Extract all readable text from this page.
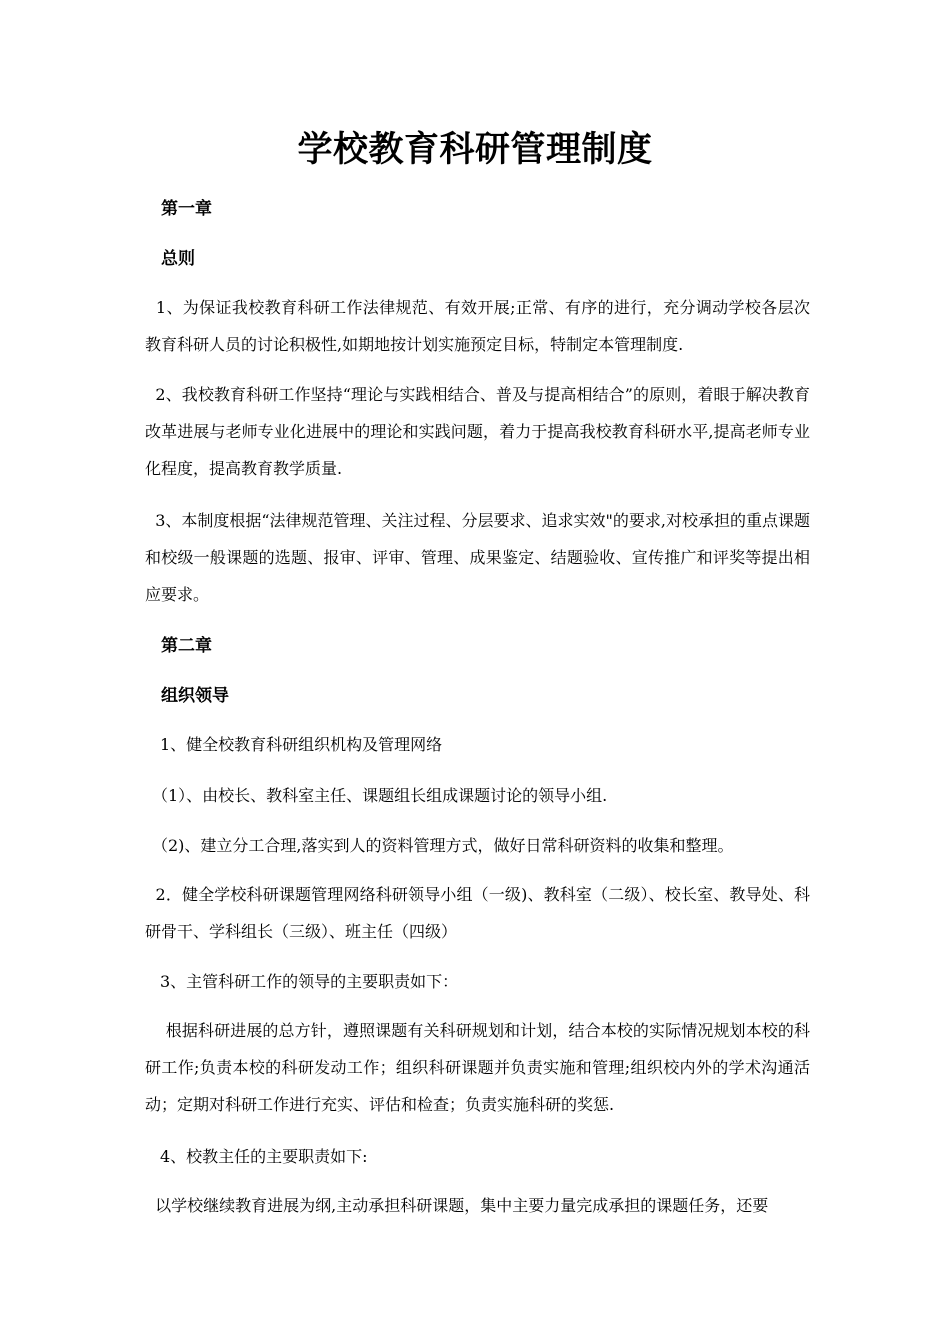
学校教育科研管理制度
第一章
总则

1、为保证我校教育科研工作法律规范、有效开展;正常、有序的进行，充分调动学校各层次教育科研人员的讨论积极性,如期地按计划实施预定目标，特制定本管理制度.

2、我校教育科研工作坚持“理论与实践相结合、普及与提高相结合”的原则，着眼于解决教育改革进展与老师专业化进展中的理论和实践问题，着力于提高我校教育科研水平,提高老师专业化程度，提高教育教学质量.

3、本制度根据“法律规范管理、关注过程、分层要求、追求实效"的要求,对校承担的重点课题和校级一般课题的选题、报审、评审、管理、成果鉴定、结题验收、宣传推广和评奖等提出相应要求。

第二章
组织领导

1、健全校教育科研组织机构及管理网络

（1）、由校长、教科室主任、课题组长组成课题讨论的领导小组.

（2)、建立分工合理,落实到人的资料管理方式，做好日常科研资料的收集和整理。

2．健全学校科研课题管理网络科研领导小组（一级)、教科室（二级）、校长室、教导处、科研骨干、学科组长（三级）、班主任（四级）

3、主管科研工作的领导的主要职责如下：

根据科研进展的总方针，遵照课题有关科研规划和计划，结合本校的实际情况规划本校的科研工作;负责本校的科研发动工作；组织科研课题并负责实施和管理;组织校内外的学术沟通活动；定期对科研工作进行充实、评估和检查；负责实施科研的奖惩.

4、校教主任的主要职责如下:

以学校继续教育进展为纲,主动承担科研课题，集中主要力量完成承担的课题任务，还要
